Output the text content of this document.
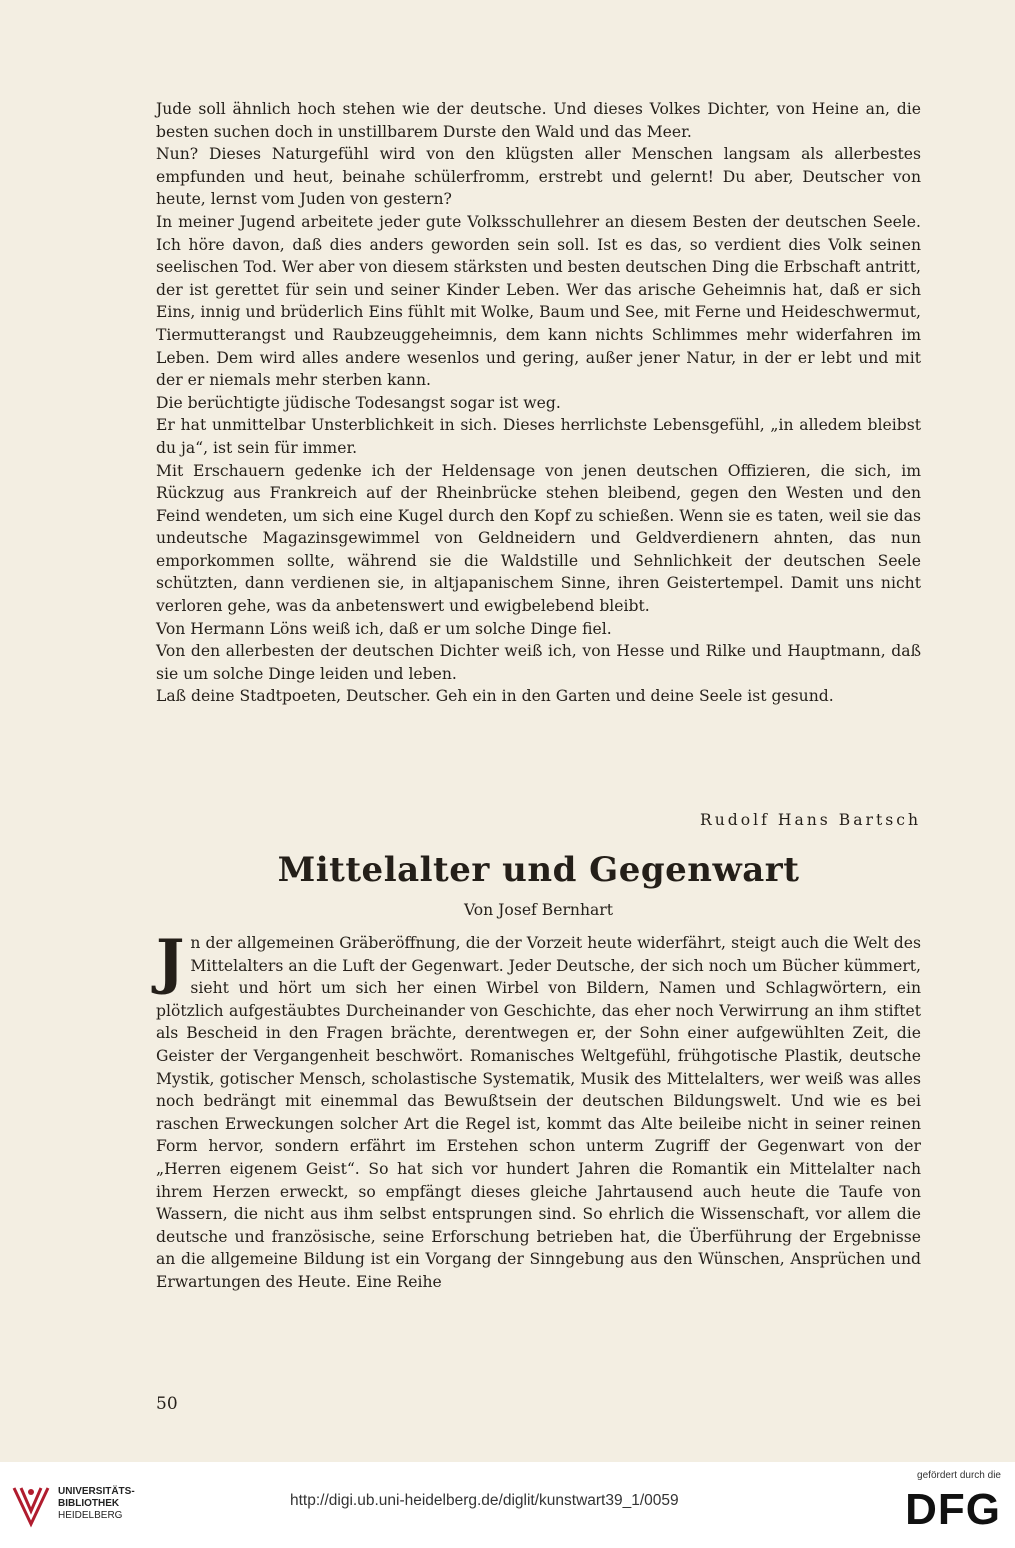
Jude soll ähnlich hoch stehen wie der deutsche. Und dieses Volkes Dichter, von Heine an, die besten suchen doch in unstillbarem Durste den Wald und das Meer.

Nun? Dieses Naturgefühl wird von den klügsten aller Menschen langsam als allerbestes empfunden und heut, beinahe schülerfromm, erstrebt und gelernt! Du aber, Deutscher von heute, lernst vom Juden von gestern?

In meiner Jugend arbeitete jeder gute Volksschullehrer an diesem Besten der deutschen Seele. Ich höre davon, daß dies anders geworden sein soll. Ist es das, so verdient dies Volk seinen seelischen Tod. Wer aber von diesem stärksten und besten deutschen Ding die Erbschaft antritt, der ist gerettet für sein und seiner Kinder Leben. Wer das arische Geheimnis hat, daß er sich Eins, innig und brüderlich Eins fühlt mit Wolke, Baum und See, mit Ferne und Heideschwermut, Tiermutterangst und Raubzeuggeheimnis, dem kann nichts Schlimmes mehr widerfahren im Leben. Dem wird alles andere wesenlos und gering, außer jener Natur, in der er lebt und mit der er niemals mehr sterben kann.

Die berüchtigte jüdische Todesangst sogar ist weg.

Er hat unmittelbar Unsterblichkeit in sich. Dieses herrlichste Lebensgefühl, „in alledem bleibst du ja“, ist sein für immer.

Mit Erschauern gedenke ich der Heldensage von jenen deutschen Offizieren, die sich, im Rückzug aus Frankreich auf der Rheinbrücke stehen bleibend, gegen den Westen und den Feind wendeten, um sich eine Kugel durch den Kopf zu schießen. Wenn sie es taten, weil sie das undeutsche Magazinsgewimmel von Geldneidern und Geldverdienern ahnten, das nun emporkommen sollte, während sie die Waldstille und Sehnlichkeit der deutschen Seele schützten, dann verdienen sie, in altjapanischem Sinne, ihren Geistertempel. Damit uns nicht verloren gehe, was da anbetenswert und ewigbelebend bleibt.

Von Hermann Löns weiß ich, daß er um solche Dinge fiel.

Von den allerbesten der deutschen Dichter weiß ich, von Hesse und Rilke und Hauptmann, daß sie um solche Dinge leiden und leben.

Laß deine Stadtpoeten, Deutscher. Geh ein in den Garten und deine Seele ist gesund.

Rudolf Hans Bartsch
Mittelalter und Gegenwart
Von Josef Bernhart

Jn der allgemeinen Gräberöffnung, die der Vorzeit heute widerfährt, steigt auch die Welt des Mittelalters an die Luft der Gegenwart. Jeder Deutsche, der sich noch um Bücher kümmert, sieht und hört um sich her einen Wirbel von Bildern, Namen und Schlagwörtern, ein plötzlich aufgestäubtes Durcheinander von Geschichte, das eher noch Verwirrung an ihm stiftet als Bescheid in den Fragen brächte, derentwegen er, der Sohn einer aufgewühlten Zeit, die Geister der Vergangenheit beschwört. Romanisches Weltgefühl, frühgotische Plastik, deutsche Mystik, gotischer Mensch, scholastische Systematik, Musik des Mittelalters, wer weiß was alles noch bedrängt mit einemmal das Bewußtsein der deutschen Bildungswelt. Und wie es bei raschen Erweckungen solcher Art die Regel ist, kommt das Alte beileibe nicht in seiner reinen Form hervor, sondern erfährt im Erstehen schon unterm Zugriff der Gegenwart von der „Herren eigenem Geist“. So hat sich vor hundert Jahren die Romantik ein Mittelalter nach ihrem Herzen erweckt, so empfängt dieses gleiche Jahrtausend auch heute die Taufe von Wassern, die nicht aus ihm selbst entsprungen sind. So ehrlich die Wissenschaft, vor allem die deutsche und französische, seine Erforschung betrieben hat, die Überführung der Ergebnisse an die allgemeine Bildung ist ein Vorgang der Sinngebung aus den Wünschen, Ansprüchen und Erwartungen des Heute. Eine Reihe

50
UNIVERSITÄTS-
BIBLIOTHEK
HEIDELBERG
http://digi.ub.uni-heidelberg.de/diglit/kunstwart39_1/0059
gefördert durch die
DFG
